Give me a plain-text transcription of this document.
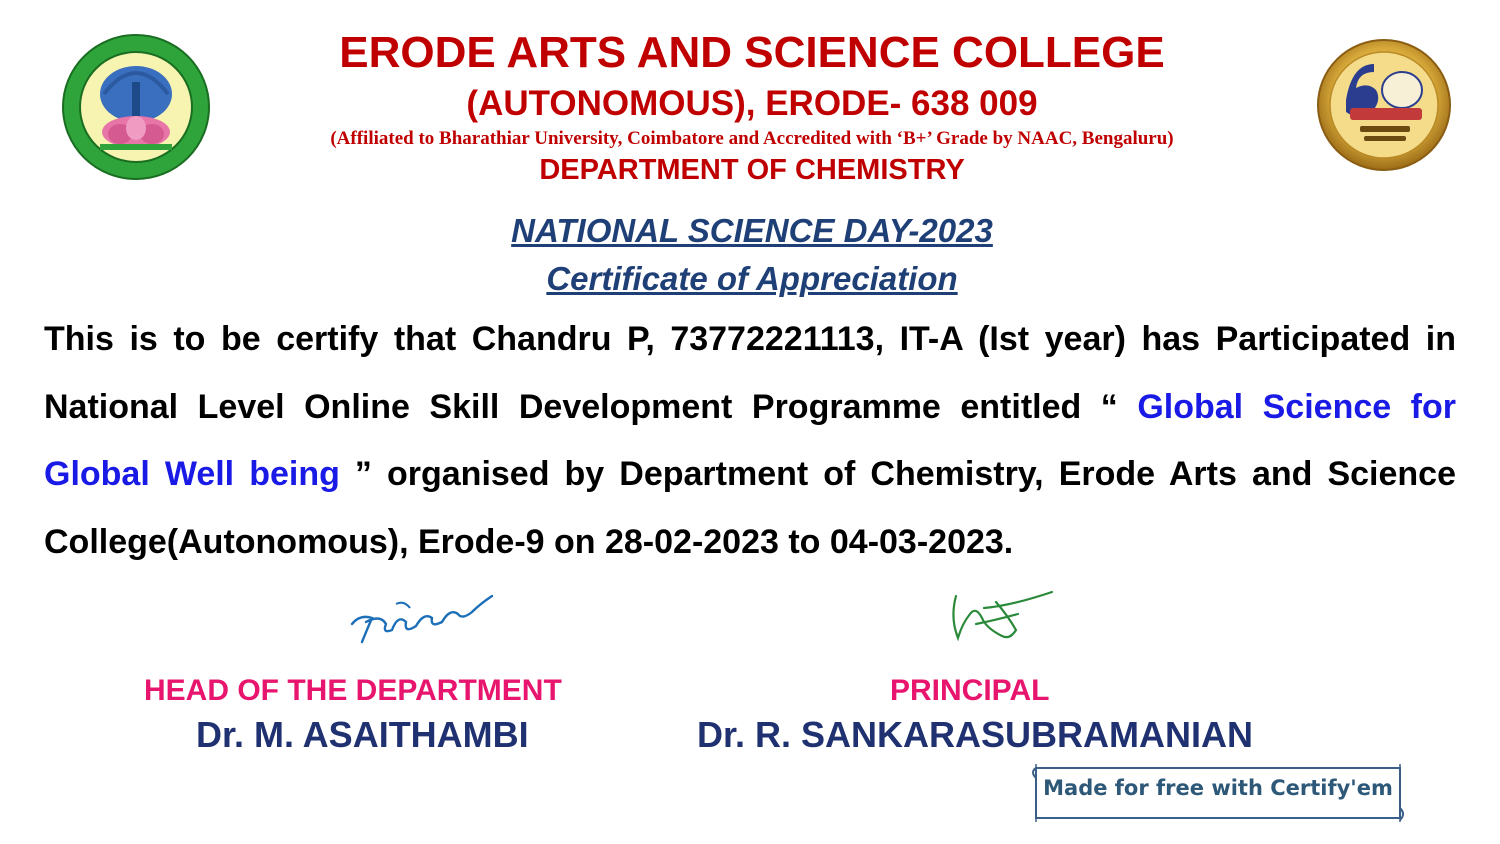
ERODE ARTS AND SCIENCE COLLEGE
(AUTONOMOUS), ERODE- 638 009
(Affiliated to Bharathiar University, Coimbatore and Accredited with ‘B+’ Grade by NAAC, Bengaluru)
DEPARTMENT OF CHEMISTRY
NATIONAL SCIENCE DAY-2023
Certificate of Appreciation
This is to be certify that Chandru P, 73772221113, IT-A (Ist year) has Participated in National Level Online Skill Development Programme entitled “ Global Science for Global Well being ” organised by Department of Chemistry, Erode Arts and Science College(Autonomous), Erode-9 on 28-02-2023 to 04-03-2023.
HEAD OF THE DEPARTMENT
Dr. M. ASAITHAMBI
PRINCIPAL
Dr. R. SANKARASUBRAMANIAN
Made for free with Certify'em
